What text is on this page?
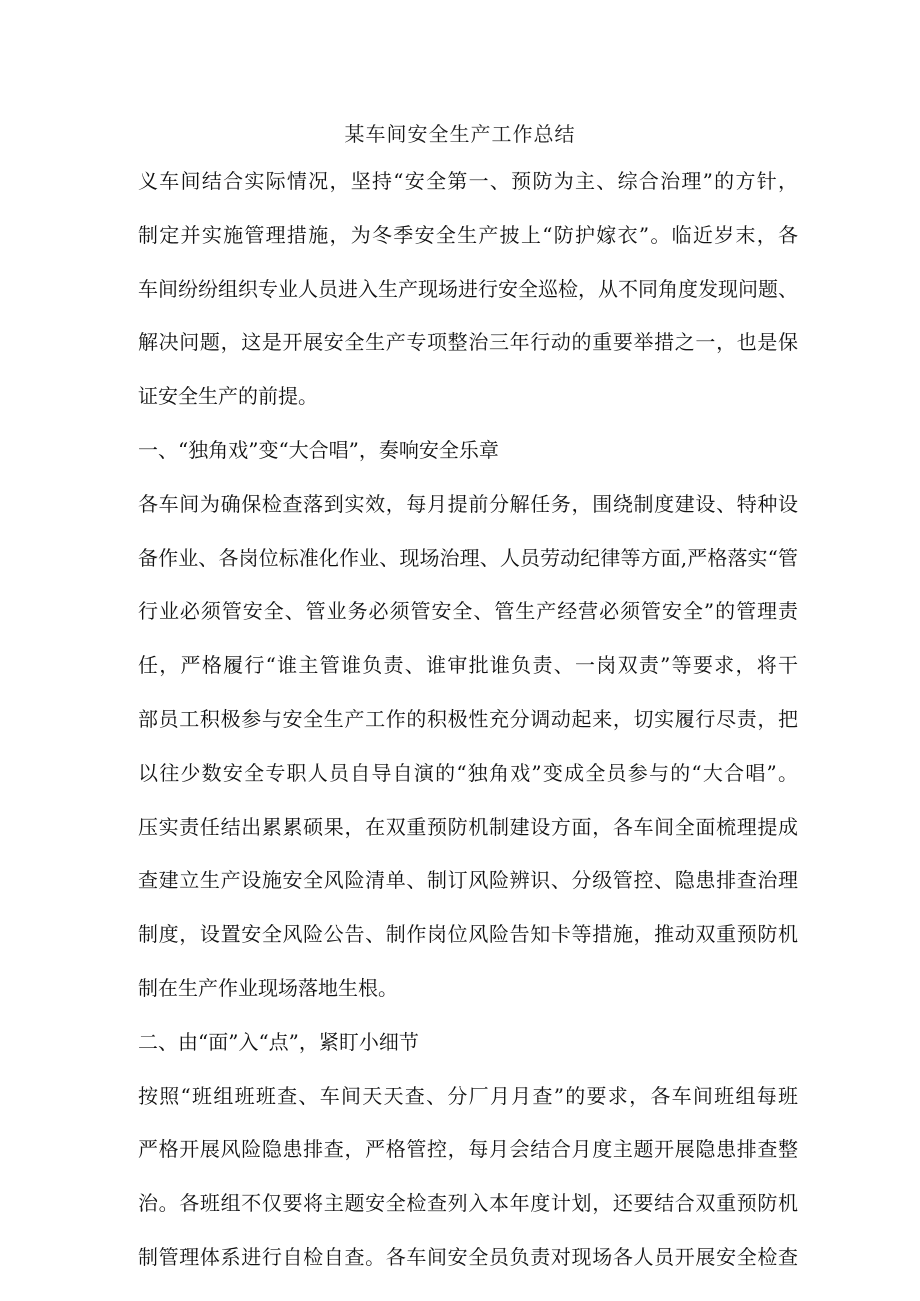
某车间安全生产工作总结
义车间结合实际情况，坚持“安全第一、预防为主、综合治理”的方针，
制定并实施管理措施，为冬季安全生产披上“防护嫁衣”。临近岁末，各
车间纷纷组织专业人员进入生产现场进行安全巡检，从不同角度发现问题、
解决问题，这是开展安全生产专项整治三年行动的重要举措之一，也是保
证安全生产的前提。
一、“独角戏”变“大合唱”，奏响安全乐章
各车间为确保检查落到实效，每月提前分解任务，围绕制度建设、特种设
备作业、各岗位标准化作业、现场治理、人员劳动纪律等方面,严格落实“管
行业必须管安全、管业务必须管安全、管生产经营必须管安全”的管理责
任，严格履行“谁主管谁负责、谁审批谁负责、一岗双责”等要求，将干
部员工积极参与安全生产工作的积极性充分调动起来，切实履行尽责，把
以往少数安全专职人员自导自演的“独角戏”变成全员参与的“大合唱”。
压实责任结出累累硕果，在双重预防机制建设方面，各车间全面梳理提成
查建立生产设施安全风险清单、制订风险辨识、分级管控、隐患排查治理
制度，设置安全风险公告、制作岗位风险告知卡等措施，推动双重预防机
制在生产作业现场落地生根。
二、由“面”入“点”，紧盯小细节
按照“班组班班查、车间天天查、分厂月月查”的要求，各车间班组每班
严格开展风险隐患排查，严格管控，每月会结合月度主题开展隐患排查整
治。各班组不仅要将主题安全检查列入本年度计划，还要结合双重预防机
制管理体系进行自检自查。各车间安全员负责对现场各人员开展安全检查
